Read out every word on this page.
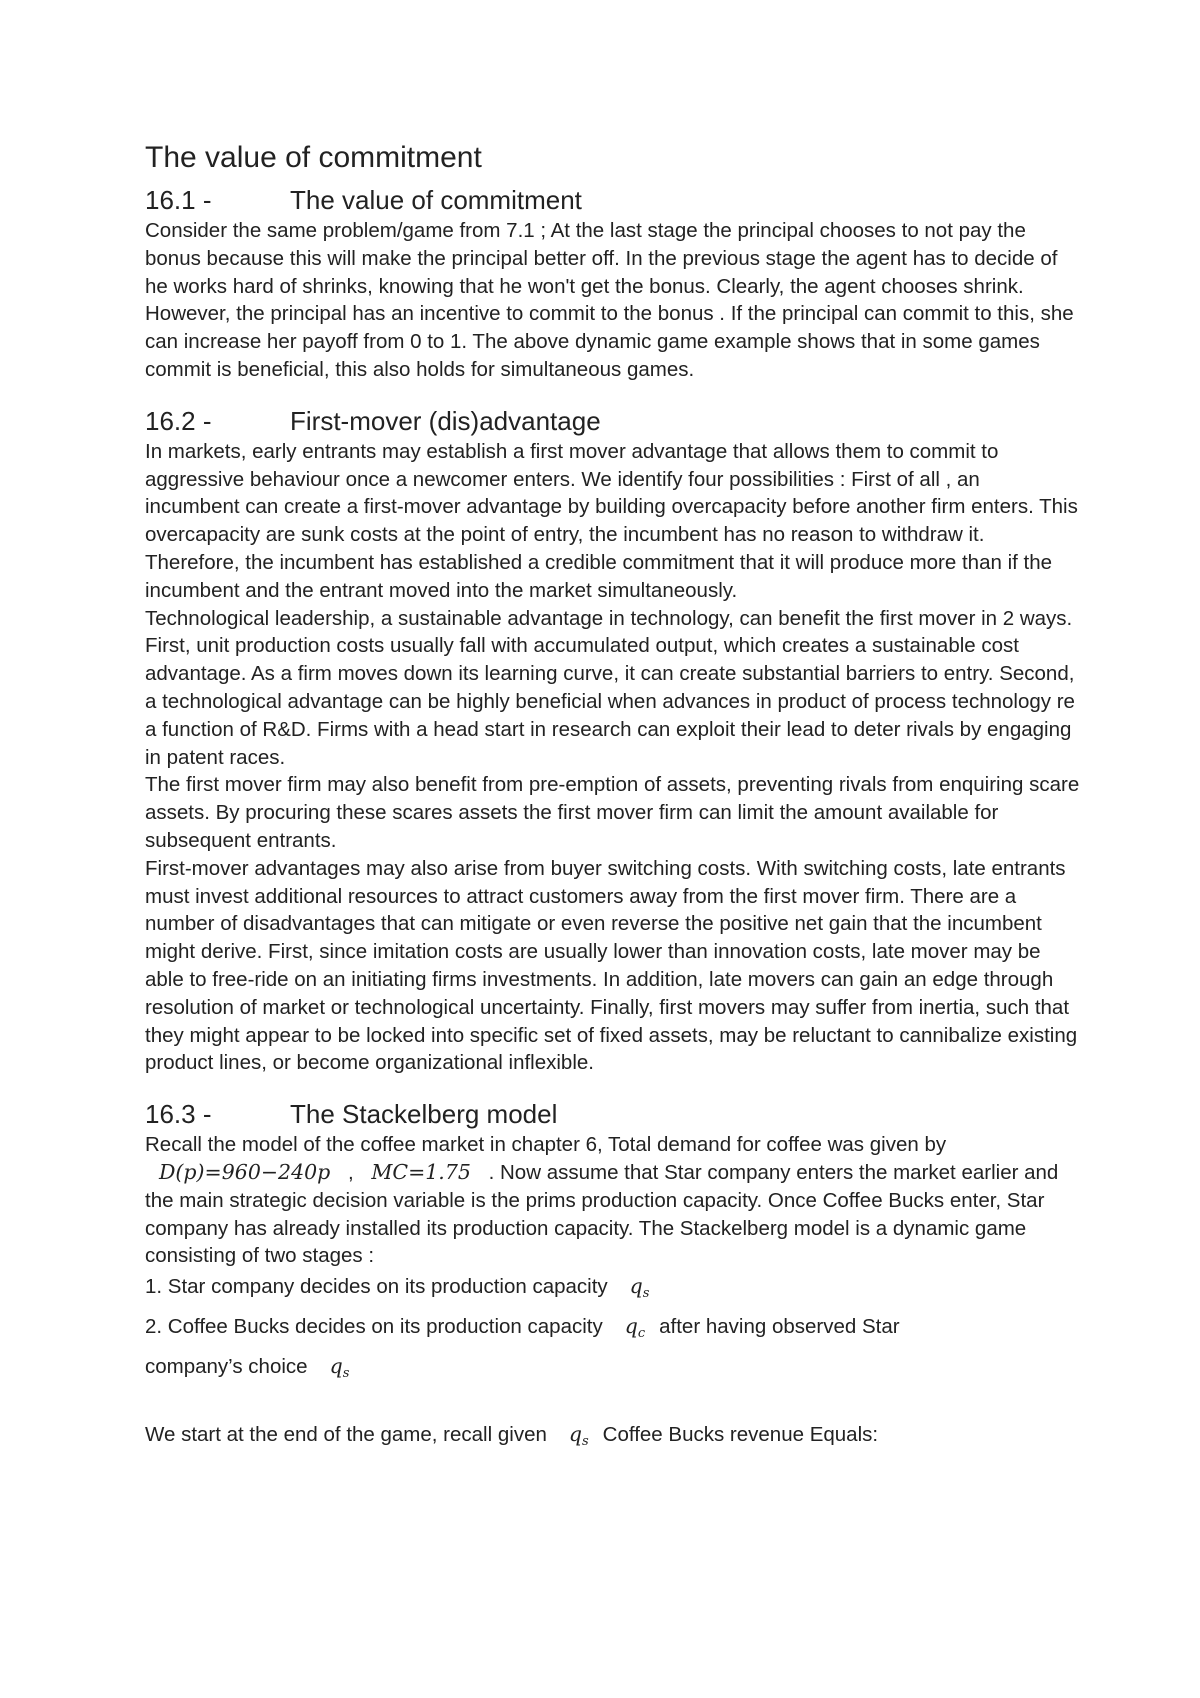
The value of commitment
16.1 -	The value of commitment

Consider the same problem/game from 7.1 ; At the last stage the principal chooses to not pay the bonus because this will make the principal better off. In the previous stage the agent has to decide of he works hard of shrinks, knowing that he won't get the bonus. Clearly, the agent chooses shrink. However, the principal has an incentive to commit to the bonus . If the principal can commit to this, she can increase her payoff from 0 to 1. The above dynamic game example shows that in some games commit is beneficial, this also holds for simultaneous games.

16.2 -	First-mover (dis)advantage

In markets, early entrants may establish a first mover advantage that allows them to commit to aggressive behaviour once a newcomer enters. We identify four possibilities : First of all , an incumbent can create a first-mover advantage by building overcapacity before another firm enters. This overcapacity are sunk costs at the point of entry, the incumbent has no reason to withdraw it. Therefore, the incumbent has established a credible commitment that it will produce more than if the incumbent and the entrant moved into the market simultaneously.

Technological leadership, a sustainable advantage in technology, can benefit the first mover in 2 ways. First, unit production costs usually fall with accumulated output, which creates a sustainable cost advantage. As a firm moves down its learning curve, it can create substantial barriers to entry. Second, a technological advantage can be highly beneficial when advances in product of process technology re a function of R&D. Firms with a head start in research can exploit their lead to deter rivals by engaging in patent races.

The first mover firm may also benefit from pre-emption of assets, preventing rivals from enquiring scare assets. By procuring these scares assets the first mover firm can limit the amount available for subsequent entrants.

First-mover advantages may also arise from buyer switching costs. With switching costs, late entrants must invest additional resources to attract customers away from the first mover firm. There are a number of disadvantages that can mitigate or even reverse the positive net gain that the incumbent might derive. First, since imitation costs are usually lower than innovation costs, late mover may be able to free-ride on an initiating firms investments. In addition, late movers can gain an edge through resolution of market or technological uncertainty. Finally, first movers may suffer from inertia, such that they might appear to be locked into specific set of fixed assets, may be reluctant to cannibalize existing product lines, or become organizational inflexible.

16.3 -	The Stackelberg model

Recall the model of the coffee market in chapter 6, Total demand for coffee was given by
D(p)=960−240p , MC=1.75 . Now assume that Star company enters the market earlier and the main strategic decision variable is the prims production capacity. Once Coffee Bucks enter, Star company has already installed its production capacity. The Stackelberg model is a dynamic game consisting of two stages :

1. Star company decides on its production capacity $q_s$

2. Coffee Bucks decides on its production capacity $q_c$ after having observed Star

company’s choice $q_s$

We start at the end of the game, recall given $q_s$ Coffee Bucks revenue Equals:
